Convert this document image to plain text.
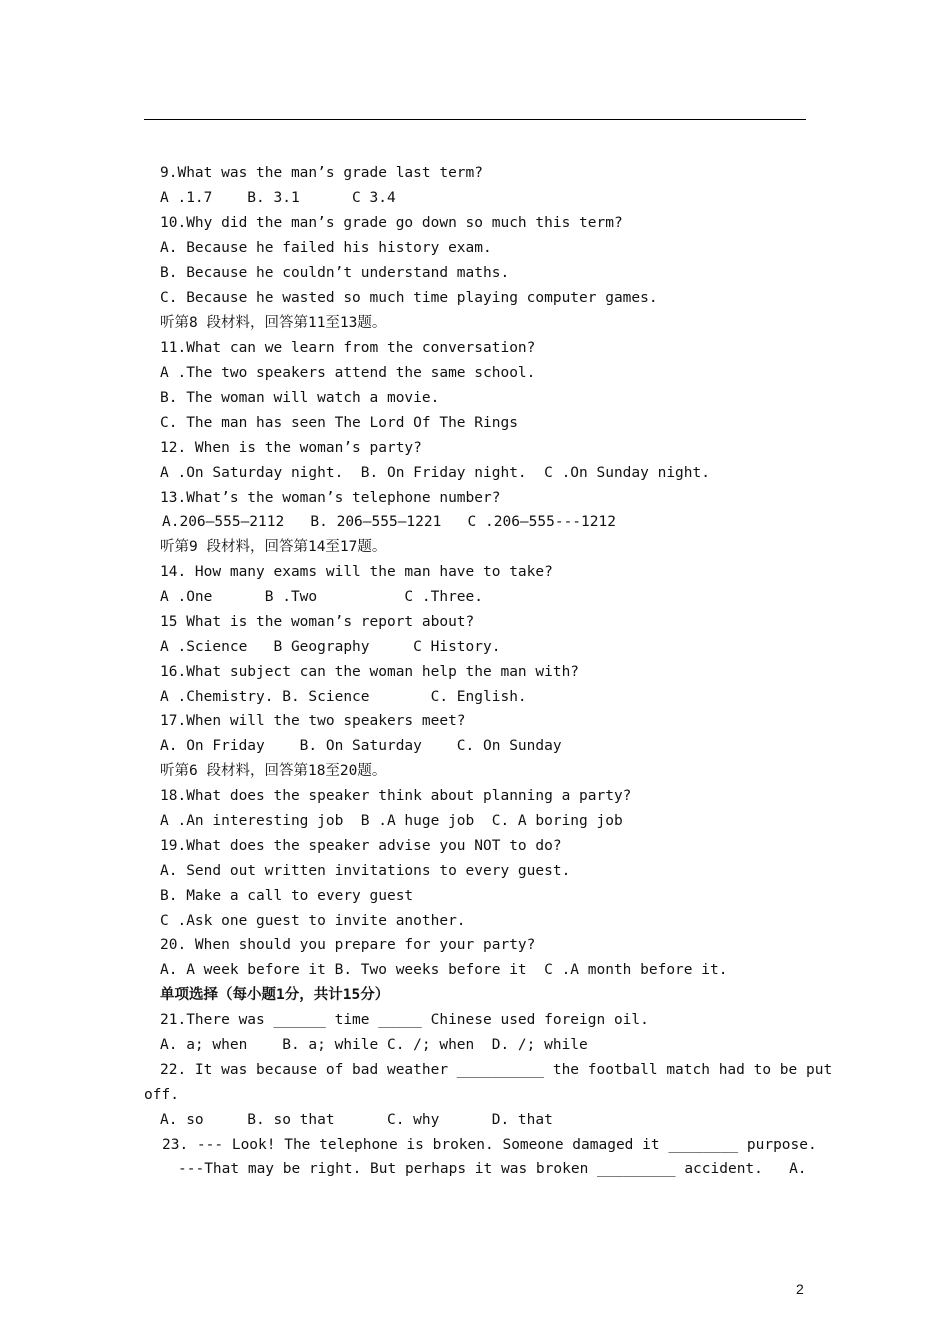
9.What was the man’s grade last term?
A .1.7    B. 3.1      C 3.4
10.Why did the man’s grade go down so much this term?
A. Because he failed his history exam.
B. Because he couldn’t understand maths.
C. Because he wasted so much time playing computer games.
听第8 段材料，回答第11至13题。
11.What can we learn from the conversation?
A .The two speakers attend the same school.
B. The woman will watch a movie.
C. The man has seen The Lord Of The Rings
12. When is the woman’s party?
A .On Saturday night.  B. On Friday night.  C .On Sunday night.
13.What’s the woman’s telephone number?
A.206—555—2112   B. 206—555—1221   C .206—555---1212
听第9 段材料，回答第14至17题。
14. How many exams will the man have to take?
A .One      B .Two          C .Three.
15 What is the woman’s report about?
A .Science   B Geography     C History.
16.What subject can the woman help the man with?
A .Chemistry. B. Science       C. English.
17.When will the two speakers meet?
A. On Friday    B. On Saturday    C. On Sunday
听第6 段材料，回答第18至20题。
18.What does the speaker think about planning a party?
A .An interesting job  B .A huge job  C. A boring job
19.What does the speaker advise you NOT to do?
A. Send out written invitations to every guest.
B. Make a call to every guest
C .Ask one guest to invite another.
20. When should you prepare for your party?
A. A week before it B. Two weeks before it  C .A month before it.
单项选择（每小题1分，共计15分）
21.There was ______ time _____ Chinese used foreign oil.
A. a; when    B. a; while C. /; when  D. /; while
22. It was because of bad weather __________ the football match had to be put
off.
A. so     B. so that      C. why      D. that
23. --- Look! The telephone is broken. Someone damaged it ________ purpose.
---That may be right. But perhaps it was broken _________ accident.   A.
2
